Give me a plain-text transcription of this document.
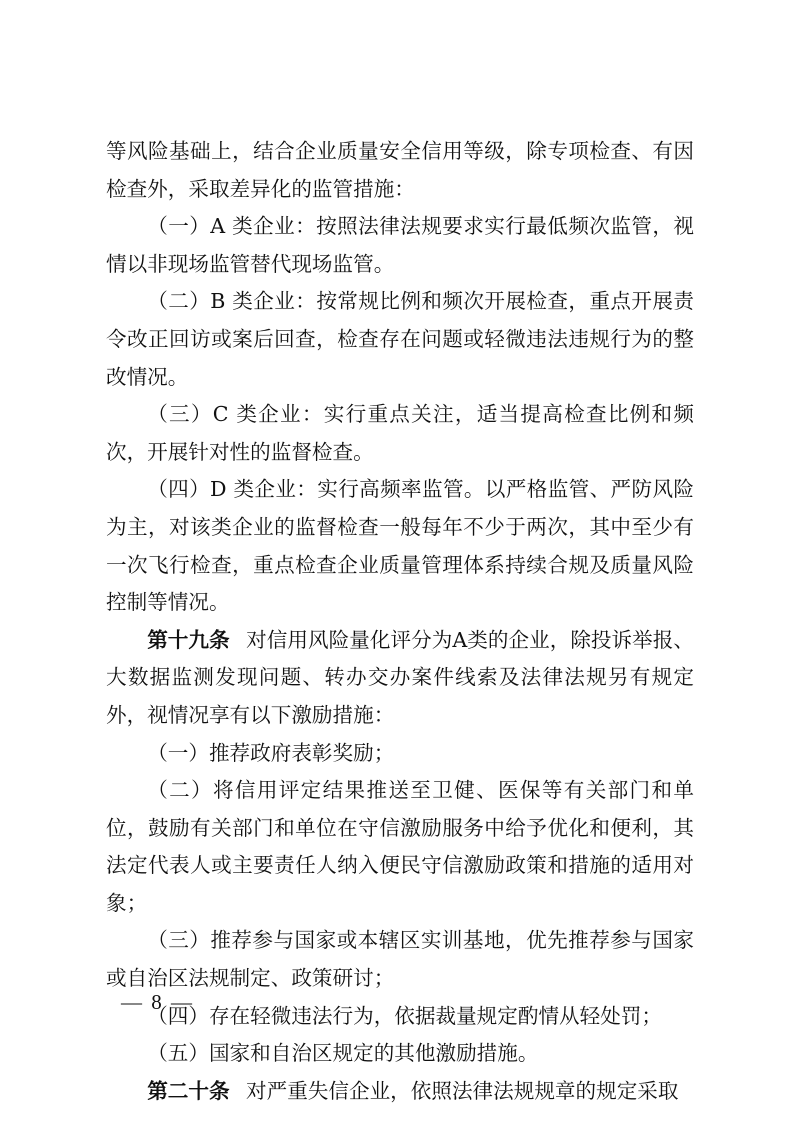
等风险基础上，结合企业质量安全信用等级，除专项检查、有因检查外，采取差异化的监管措施：

（一）A 类企业：按照法律法规要求实行最低频次监管，视情以非现场监管替代现场监管。

（二）B 类企业：按常规比例和频次开展检查，重点开展责令改正回访或案后回查，检查存在问题或轻微违法违规行为的整改情况。

（三）C 类企业：实行重点关注，适当提高检查比例和频次，开展针对性的监督检查。

（四）D 类企业：实行高频率监管。以严格监管、严防风险为主，对该类企业的监督检查一般每年不少于两次，其中至少有一次飞行检查，重点检查企业质量管理体系持续合规及质量风险控制等情况。

第十九条 对信用风险量化评分为A类的企业，除投诉举报、大数据监测发现问题、转办交办案件线索及法律法规另有规定外，视情况享有以下激励措施：

（一）推荐政府表彰奖励；

（二）将信用评定结果推送至卫健、医保等有关部门和单位，鼓励有关部门和单位在守信激励服务中给予优化和便利，其法定代表人或主要责任人纳入便民守信激励政策和措施的适用对象；

（三）推荐参与国家或本辖区实训基地，优先推荐参与国家或自治区法规制定、政策研讨；

（四）存在轻微违法行为，依据裁量规定酌情从轻处罚；

（五）国家和自治区规定的其他激励措施。

第二十条 对严重失信企业，依照法律法规规章的规定采取

— 8 —
